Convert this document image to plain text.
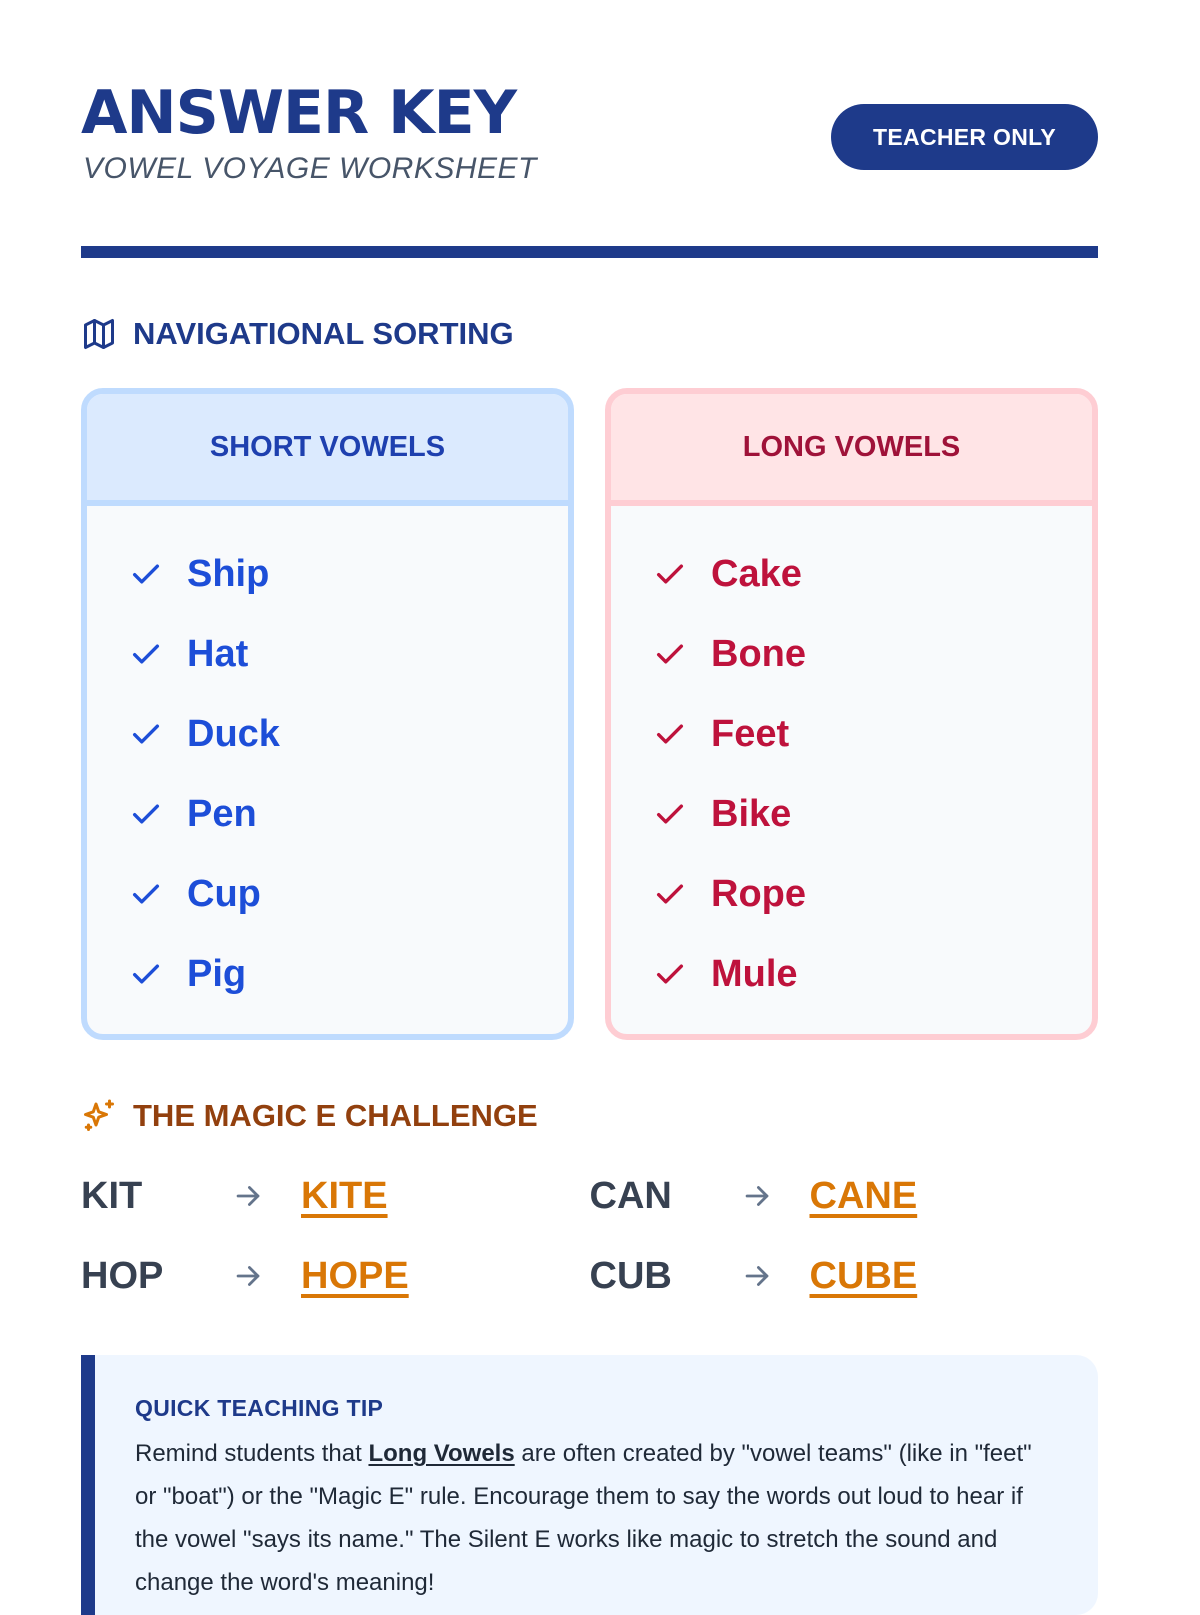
ANSWER KEY
VOWEL VOYAGE WORKSHEET
TEACHER ONLY
NAVIGATIONAL SORTING
SHORT VOWELS
Ship
Hat
Duck
Pen
Cup
Pig
LONG VOWELS
Cake
Bone
Feet
Bike
Rope
Mule
THE MAGIC E CHALLENGE
KIT	KITE	CAN	CANE
HOP	HOPE	CUB	CUBE
QUICK TEACHING TIP
Remind students that Long Vowels are often created by "vowel teams" (like in "feet" or "boat") or the "Magic E" rule. Encourage them to say the words out loud to hear if the vowel "says its name." The Silent E works like magic to stretch the sound and change the word's meaning!
